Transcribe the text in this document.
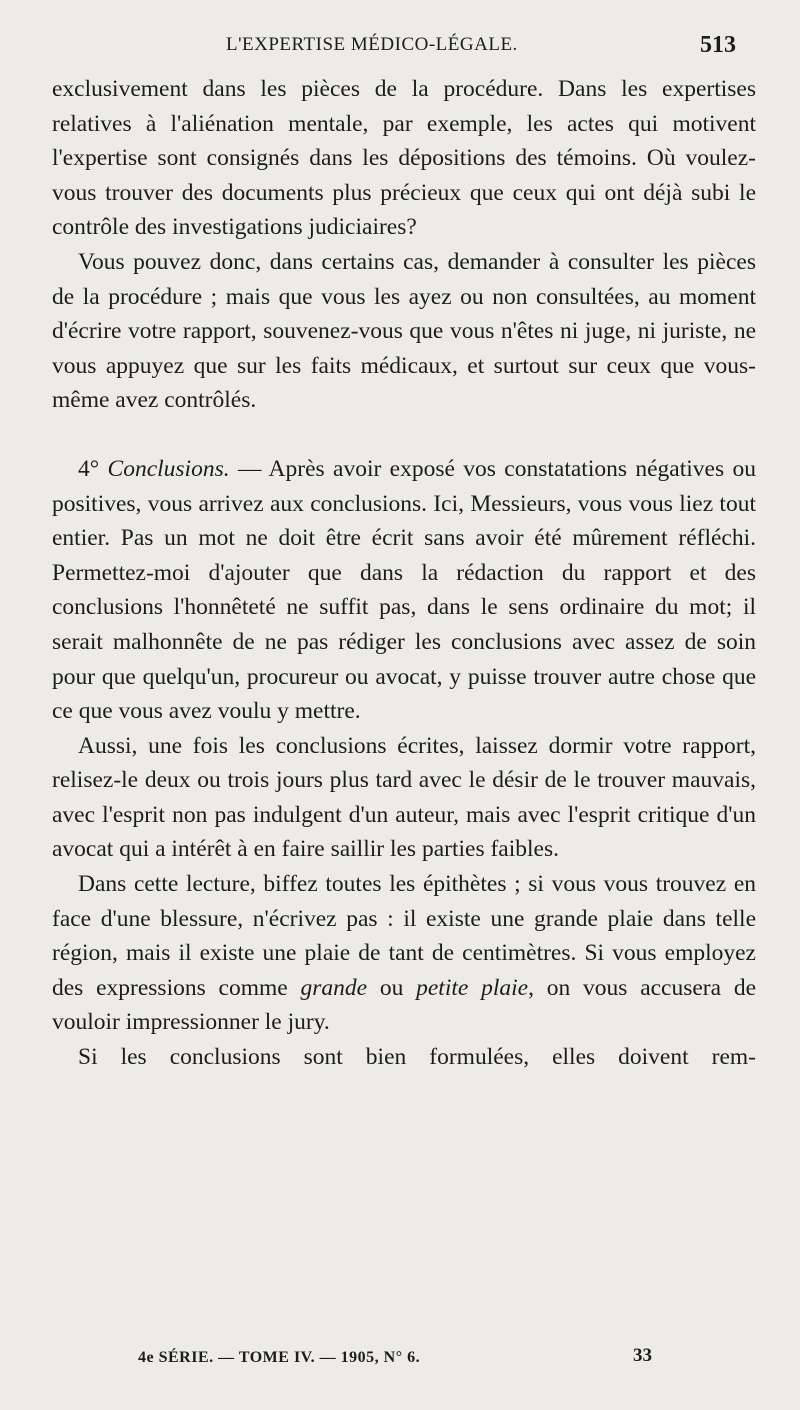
L'EXPERTISE MÉDICO-LÉGALE.	513

exclusivement dans les pièces de la procédure. Dans les expertises relatives à l'aliénation mentale, par exemple, les actes qui motivent l'expertise sont consignés dans les dépositions des témoins. Où voulez-vous trouver des documents plus précieux que ceux qui ont déjà subi le contrôle des investigations judiciaires?

Vous pouvez donc, dans certains cas, demander à consulter les pièces de la procédure ; mais que vous les ayez ou non consultées, au moment d'écrire votre rapport, souvenez-vous que vous n'êtes ni juge, ni juriste, ne vous appuyez que sur les faits médicaux, et surtout sur ceux que vous-même avez contrôlés.

4° Conclusions. — Après avoir exposé vos constatations négatives ou positives, vous arrivez aux conclusions. Ici, Messieurs, vous vous liez tout entier. Pas un mot ne doit être écrit sans avoir été mûrement réfléchi. Permettez-moi d'ajouter que dans la rédaction du rapport et des conclusions l'honnêteté ne suffit pas, dans le sens ordinaire du mot; il serait malhonnête de ne pas rédiger les conclusions avec assez de soin pour que quelqu'un, procureur ou avocat, y puisse trouver autre chose que ce que vous avez voulu y mettre.

Aussi, une fois les conclusions écrites, laissez dormir votre rapport, relisez-le deux ou trois jours plus tard avec le désir de le trouver mauvais, avec l'esprit non pas indulgent d'un auteur, mais avec l'esprit critique d'un avocat qui a intérêt à en faire saillir les parties faibles.

Dans cette lecture, biffez toutes les épithètes ; si vous vous trouvez en face d'une blessure, n'écrivez pas : il existe une grande plaie dans telle région, mais il existe une plaie de tant de centimètres. Si vous employez des expressions comme grande ou petite plaie, on vous accusera de vouloir impressionner le jury.

Si les conclusions sont bien formulées, elles doivent rem-

4e SÉRIE. — TOME IV. — 1905, N° 6.	33
